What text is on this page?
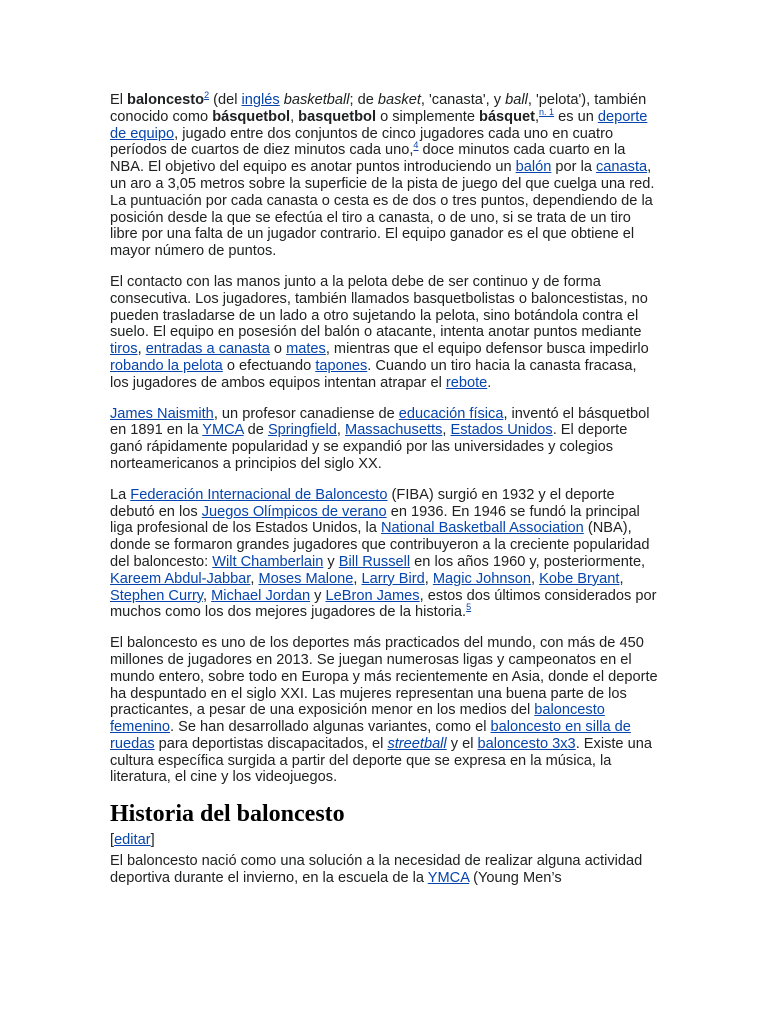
El baloncesto$^2$ (del inglés basketball; de basket, 'canasta', y ball, 'pelota'), también conocido como básquetbol, basquetbol o simplemente básquet,$^{n. 1}$ es un deporte de equipo, jugado entre dos conjuntos de cinco jugadores cada uno en cuatro períodos de cuartos de diez minutos cada uno,$^4$ doce minutos cada cuarto en la NBA. El objetivo del equipo es anotar puntos introduciendo un balón por la canasta, un aro a 3,05 metros sobre la superficie de la pista de juego del que cuelga una red. La puntuación por cada canasta o cesta es de dos o tres puntos, dependiendo de la posición desde la que se efectúa el tiro a canasta, o de uno, si se trata de un tiro libre por una falta de un jugador contrario. El equipo ganador es el que obtiene el mayor número de puntos.

El contacto con las manos junto a la pelota debe de ser continuo y de forma consecutiva. Los jugadores, también llamados basquetbolistas o baloncestistas, no pueden trasladarse de un lado a otro sujetando la pelota, sino botándola contra el suelo. El equipo en posesión del balón o atacante, intenta anotar puntos mediante tiros, entradas a canasta o mates, mientras que el equipo defensor busca impedirlo robando la pelota o efectuando tapones. Cuando un tiro hacia la canasta fracasa, los jugadores de ambos equipos intentan atrapar el rebote.

James Naismith, un profesor canadiense de educación física, inventó el básquetbol en 1891 en la YMCA de Springfield, Massachusetts, Estados Unidos. El deporte ganó rápidamente popularidad y se expandió por las universidades y colegios norteamericanos a principios del siglo XX.

La Federación Internacional de Baloncesto (FIBA) surgió en 1932 y el deporte debutó en los Juegos Olímpicos de verano en 1936. En 1946 se fundó la principal liga profesional de los Estados Unidos, la National Basketball Association (NBA), donde se formaron grandes jugadores que contribuyeron a la creciente popularidad del baloncesto: Wilt Chamberlain y Bill Russell en los años 1960 y, posteriormente, Kareem Abdul-Jabbar, Moses Malone, Larry Bird, Magic Johnson, Kobe Bryant, Stephen Curry, Michael Jordan y LeBron James, estos dos últimos considerados por muchos como los dos mejores jugadores de la historia.$^5$

El baloncesto es uno de los deportes más practicados del mundo, con más de 450 millones de jugadores en 2013. Se juegan numerosas ligas y campeonatos en el mundo entero, sobre todo en Europa y más recientemente en Asia, donde el deporte ha despuntado en el siglo XXI. Las mujeres representan una buena parte de los practicantes, a pesar de una exposición menor en los medios del baloncesto femenino. Se han desarrollado algunas variantes, como el baloncesto en silla de ruedas para deportistas discapacitados, el streetball y el baloncesto 3x3. Existe una cultura específica surgida a partir del deporte que se expresa en la música, la literatura, el cine y los videojuegos.

Historia del baloncesto
[editar]

El baloncesto nació como una solución a la necesidad de realizar alguna actividad deportiva durante el invierno, en la escuela de la YMCA (Young Men’s
